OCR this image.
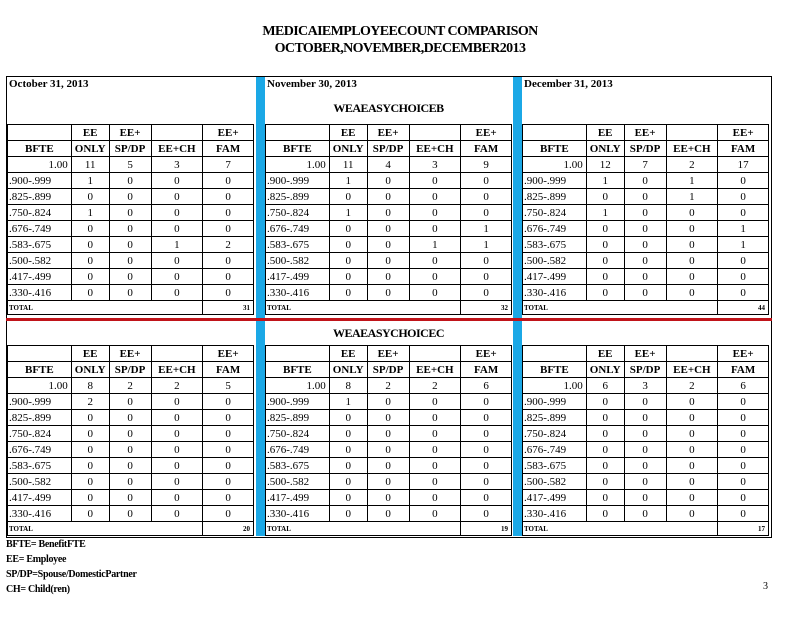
MEDICAIEMPLOYEECOUNT COMPARISON
OCTOBER,NOVEMBER,DECEMBER2013
October 31, 2013

	EE	EE+		EE+
BFTE	ONLY	SP/DP	EE+CH	FAM
1.00	11	5	3	7
.900-.999	1	0	0	0
.825-.899	0	0	0	0
.750-.824	1	0	0	0
.676-.749	0	0	0	0
.583-.675	0	0	1	2
.500-.582	0	0	0	0
.417-.499	0	0	0	0
.330-.416	0	0	0	0
TOTAL				31
November 30, 2013
WEAEASYCHOICEB
	EE	EE+		EE+
BFTE	ONLY	SP/DP	EE+CH	FAM
1.00	11	4	3	9
.900-.999	1	0	0	0
.825-.899	0	0	0	0
.750-.824	1	0	0	0
.676-.749	0	0	0	1
.583-.675	0	0	1	1
.500-.582	0	0	0	0
.417-.499	0	0	0	0
.330-.416	0	0	0	0
TOTAL				32
December 31, 2013

	EE	EE+		EE+
BFTE	ONLY	SP/DP	EE+CH	FAM
1.00	12	7	2	17
.900-.999	1	0	1	0
.825-.899	0	0	1	0
.750-.824	1	0	0	0
.676-.749	0	0	0	1
.583-.675	0	0	0	1
.500-.582	0	0	0	0
.417-.499	0	0	0	0
.330-.416	0	0	0	0
TOTAL				44

	EE	EE+		EE+
BFTE	ONLY	SP/DP	EE+CH	FAM
1.00	8	2	2	5
.900-.999	2	0	0	0
.825-.899	0	0	0	0
.750-.824	0	0	0	0
.676-.749	0	0	0	0
.583-.675	0	0	0	0
.500-.582	0	0	0	0
.417-.499	0	0	0	0
.330-.416	0	0	0	0
TOTAL				20
WEAEASYCHOICEC
	EE	EE+		EE+
BFTE	ONLY	SP/DP	EE+CH	FAM
1.00	8	2	2	6
.900-.999	1	0	0	0
.825-.899	0	0	0	0
.750-.824	0	0	0	0
.676-.749	0	0	0	0
.583-.675	0	0	0	0
.500-.582	0	0	0	0
.417-.499	0	0	0	0
.330-.416	0	0	0	0
TOTAL				19

	EE	EE+		EE+
BFTE	ONLY	SP/DP	EE+CH	FAM
1.00	6	3	2	6
.900-.999	0	0	0	0
.825-.899	0	0	0	0
.750-.824	0	0	0	0
.676-.749	0	0	0	0
.583-.675	0	0	0	0
.500-.582	0	0	0	0
.417-.499	0	0	0	0
.330-.416	0	0	0	0
TOTAL				17
BFTE= BenefitFTE
EE= Employee
SP/DP=Spouse/DomesticPartner
CH= Child(ren)	3
